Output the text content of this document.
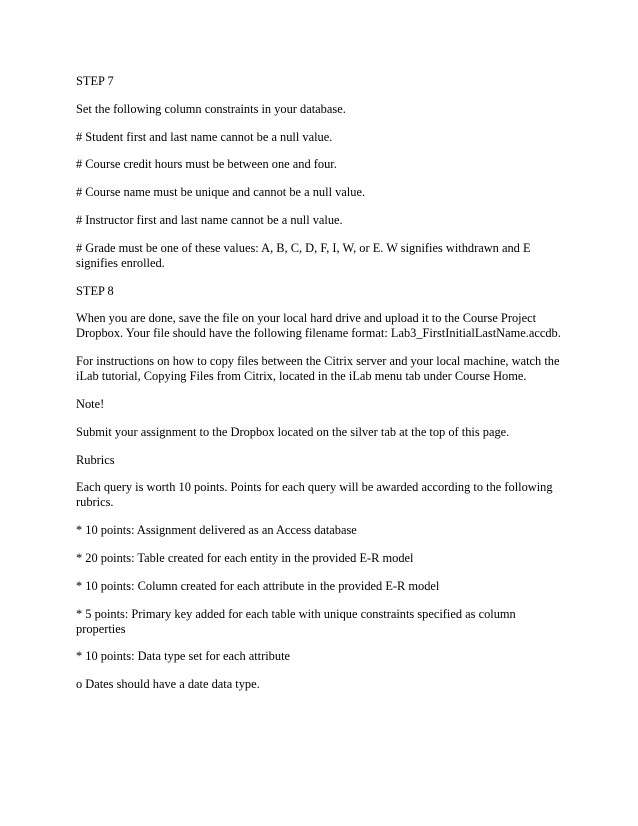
STEP 7

Set the following column constraints in your database.

# Student first and last name cannot be a null value.

# Course credit hours must be between one and four.

# Course name must be unique and cannot be a null value.

# Instructor first and last name cannot be a null value.

# Grade must be one of these values: A, B, C, D, F, I, W, or E. W signifies withdrawn and E signifies enrolled.

STEP 8

When you are done, save the file on your local hard drive and upload it to the Course Project Dropbox. Your file should have the following filename format: Lab3_FirstInitialLastName.accdb.

For instructions on how to copy files between the Citrix server and your local machine, watch the iLab tutorial, Copying Files from Citrix, located in the iLab menu tab under Course Home.

Note!

Submit your assignment to the Dropbox located on the silver tab at the top of this page.

Rubrics

Each query is worth 10 points. Points for each query will be awarded according to the following rubrics.

* 10 points: Assignment delivered as an Access database

* 20 points: Table created for each entity in the provided E-R model

* 10 points: Column created for each attribute in the provided E-R model

* 5 points: Primary key added for each table with unique constraints specified as column properties

* 10 points: Data type set for each attribute

o Dates should have a date data type.
